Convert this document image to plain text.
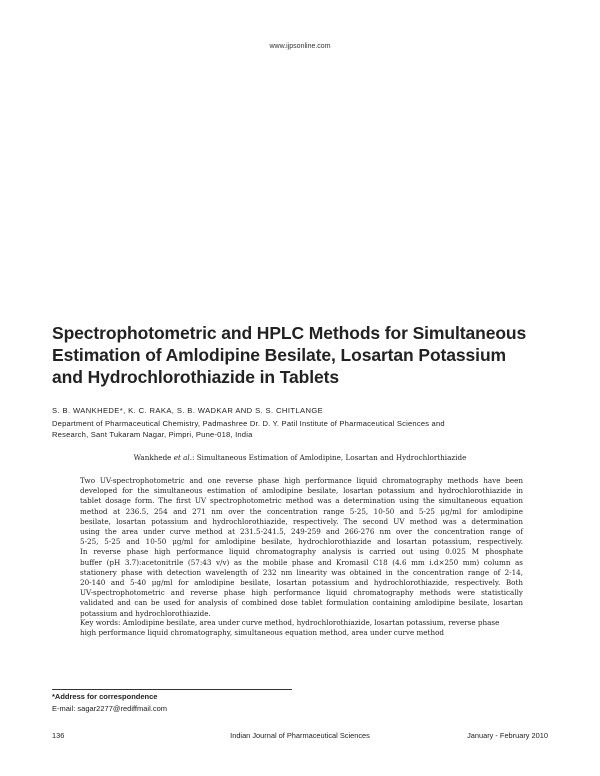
www.ijpsonline.com
Spectrophotometric and HPLC Methods for Simultaneous
Estimation of Amlodipine Besilate, Losartan Potassium
and Hydrochlorothiazide in Tablets
S. B. WANKHEDE*, K. C. RAKA, S. B. WADKAR AND S. S. CHITLANGE
Department of Pharmaceutical Chemistry, Padmashree Dr. D. Y. Patil Institute of Pharmaceutical Sciences and
Research, Sant Tukaram Nagar, Pimpri, Pune-018, India
Wankhede et al.: Simultaneous Estimation of Amlodipine, Losartan and Hydrochlorthiazide
Two UV-spectrophotometric and one reverse phase high performance liquid chromatography methods have been
developed for the simultaneous estimation of amlodipine besilate, losartan potassium and hydrochlorothiazide in
tablet dosage form. The first UV spectrophotometric method was a determination using the simultaneous equation
method at 236.5, 254 and 271 nm over the concentration range 5-25, 10-50 and 5-25 μg/ml for amlodipine
besilate, losartan potassium and hydrochlorothiazide, respectively. The second UV method was a determination
using the area under curve method at 231.5-241.5, 249-259 and 266-276 nm over the concentration range of
5-25, 5-25 and 10-50 μg/ml for amlodipine besilate, hydrochlorothiazide and losartan potassium, respectively.
In reverse phase high performance liquid chromatography analysis is carried out using 0.025 M phosphate
buffer (pH 3.7):acetonitrile (57:43 v/v) as the mobile phase and Kromasil C18 (4.6 mm i.d×250 mm) column as
stationery phase with detection wavelength of 232 nm linearity was obtained in the concentration range of 2-14,
20-140 and 5-40 μg/ml for amlodipine besilate, losartan potassium and hydrochlorothiazide, respectively. Both
UV-spectrophotometric and reverse phase high performance liquid chromatography methods were statistically
validated and can be used for analysis of combined dose tablet formulation containing amlodipine besilate, losartan
potassium and hydrochlorothiazide.
Key words: Amlodipine besilate, area under curve method, hydrochlorothiazide, losartan potassium, reverse phase
high performance liquid chromatography, simultaneous equation method, area under curve method
*Address for correspondence
E-mail: sagar2277@rediffmail.com
136	Indian Journal of Pharmaceutical Sciences	January - February 2010
